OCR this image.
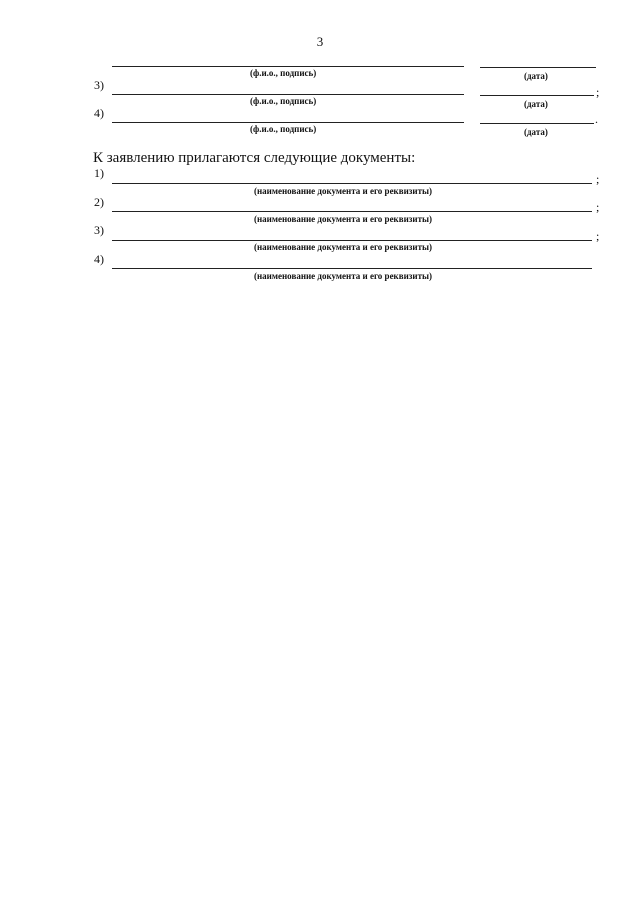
3
(ф.и.о., подпись)	(дата)
3)	;
(ф.и.о., подпись)	(дата)
4)	.
(ф.и.о., подпись)	(дата)
К заявлению прилагаются следующие документы:
1)	;
(наименование документа и его реквизиты)
2)	;
(наименование документа и его реквизиты)
3)	;
(наименование документа и его реквизиты)
4)
(наименование документа и его реквизиты)
